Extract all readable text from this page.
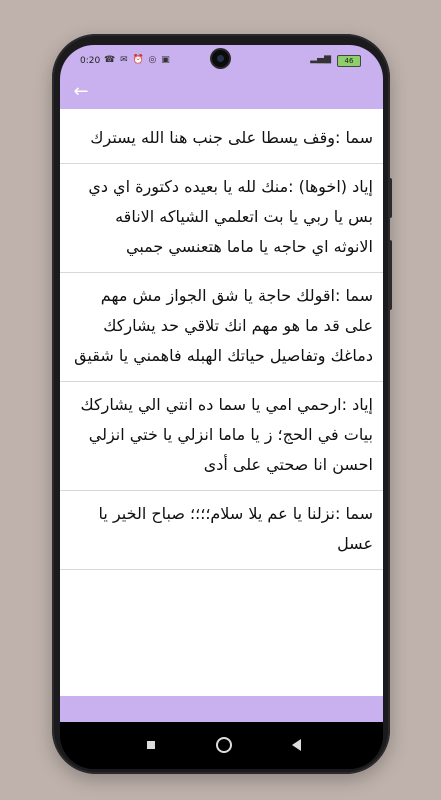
0:20 ☎ ✉ ⏰ ◎ ▣	▂▄▆	46
←

سما :وقف يسطا على جنب هنا الله يسترك

إياد (اخوها) :منك لله يا بعيده دكتورة اي دي بس يا ربي يا بت اتعلمي الشياكه الاناقه الانوثه اي حاجه يا ماما هتعنسي جمبي

سما :اقولك حاجة يا شق الجواز مش مهم على قد ما هو مهم انك تلاقي حد يشاركك دماغك وتفاصيل حياتك الهبله فاهمني يا شقيق

إياد :ارحمي امي يا سما ده انتي الي يشاركك بيات في الحج؛ ز يا ماما انزلي يا ختي انزلي احسن انا صحتي على أدى

سما :نزلنا يا عم يلا سلام؛؛؛؛ صباح الخير يا عسل
